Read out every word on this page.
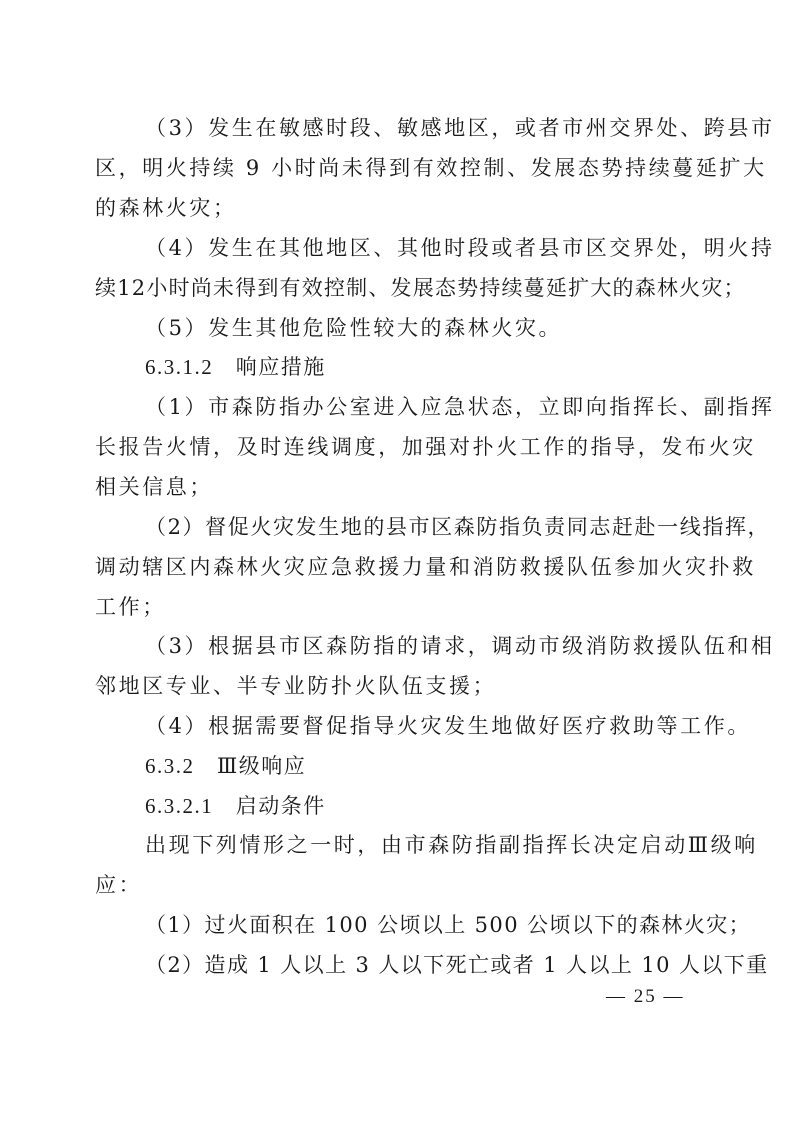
（3）发生在敏感时段、敏感地区，或者市州交界处、跨县市
区，明火持续 9 小时尚未得到有效控制、发展态势持续蔓延扩大
的森林火灾；
（4）发生在其他地区、其他时段或者县市区交界处，明火持
续12小时尚未得到有效控制、发展态势持续蔓延扩大的森林火灾；
（5）发生其他危险性较大的森林火灾。
6.3.1.2　响应措施
（1）市森防指办公室进入应急状态，立即向指挥长、副指挥
长报告火情，及时连线调度，加强对扑火工作的指导，发布火灾
相关信息；
（2）督促火灾发生地的县市区森防指负责同志赶赴一线指挥，
调动辖区内森林火灾应急救援力量和消防救援队伍参加火灾扑救
工作；
（3）根据县市区森防指的请求，调动市级消防救援队伍和相
邻地区专业、半专业防扑火队伍支援；
（4）根据需要督促指导火灾发生地做好医疗救助等工作。
6.3.2　Ⅲ级响应
6.3.2.1　启动条件
出现下列情形之一时，由市森防指副指挥长决定启动Ⅲ级响
应：
（1）过火面积在 100 公顷以上 500 公顷以下的森林火灾；
（2）造成 1 人以上 3 人以下死亡或者 1 人以上 10 人以下重
— 25 —
